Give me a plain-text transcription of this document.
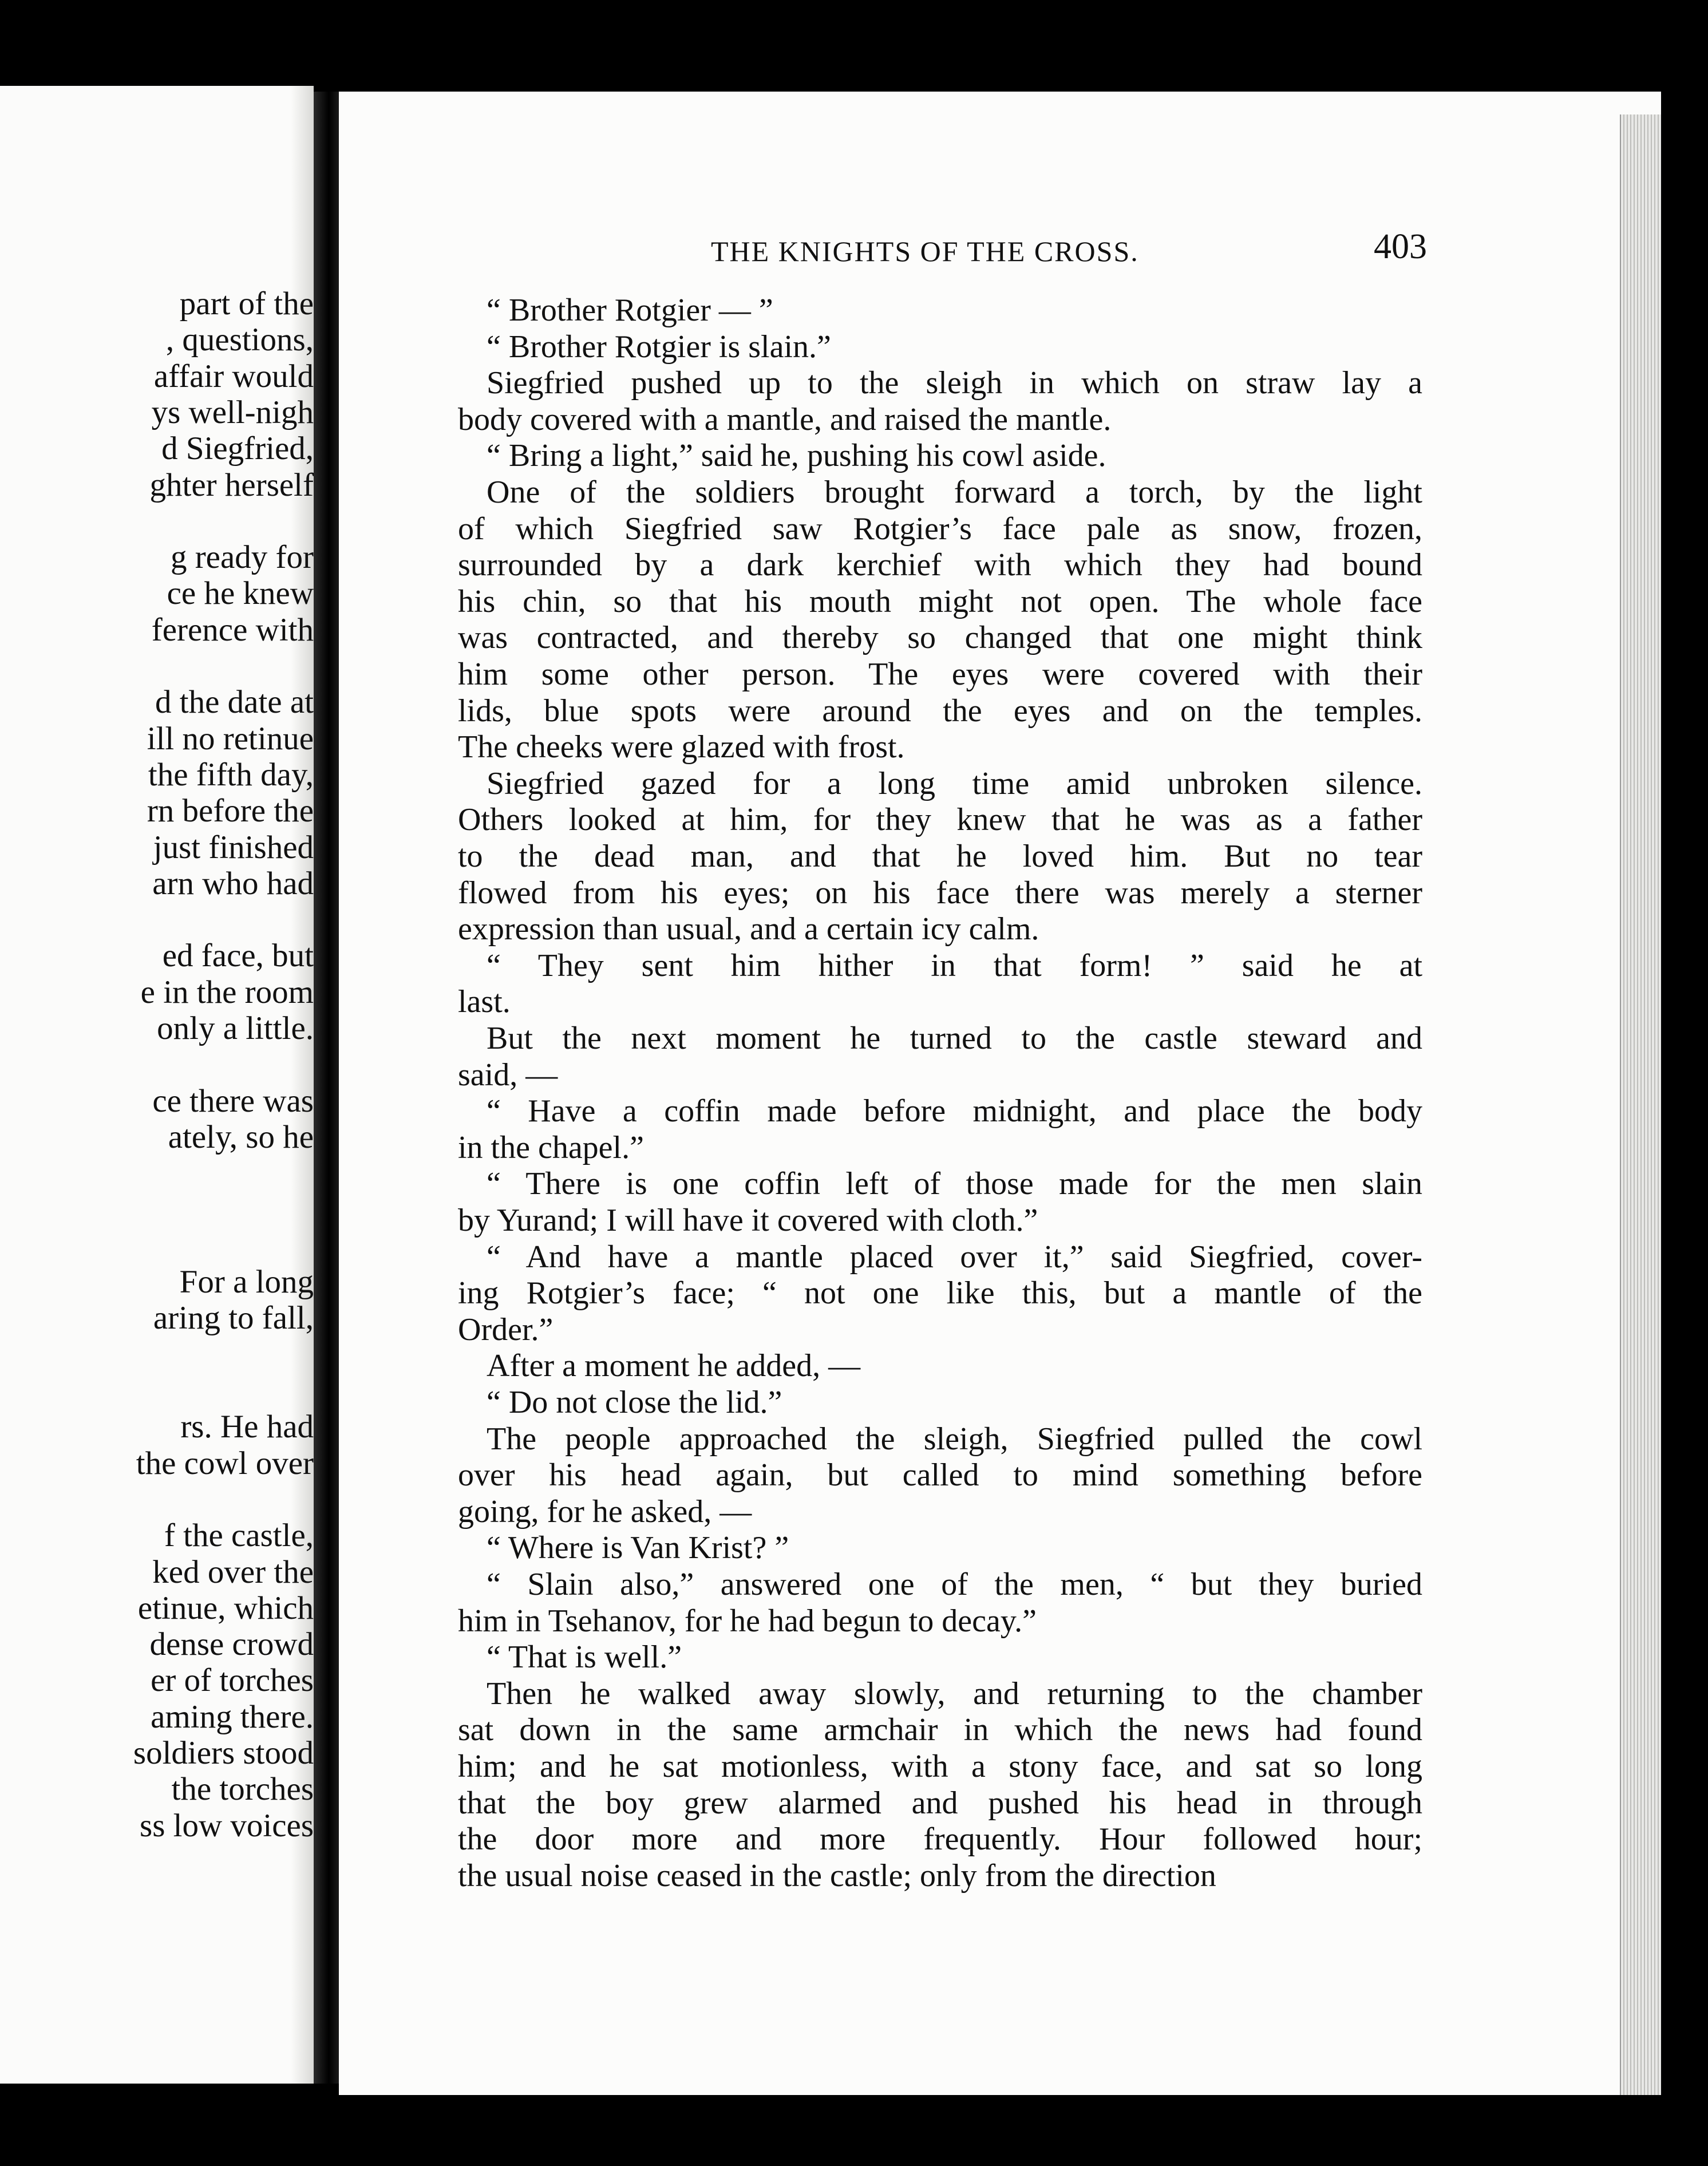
part of the
, questions,
affair would
ys well-nigh
d Siegfried,
ghter herself
g ready for
ce he knew
ference with
d the date at
ill no retinue
the fifth day,
rn before the
just finished
arn who had
ed face, but
e in the room
only a little.
ce there was
ately, so he
For a long
aring to fall,
rs. He had
the cowl over
f the castle,
ked over the
etinue, which
dense crowd
er of torches
aming there.
soldiers stood
the torches
ss low voices
THE KNIGHTS OF THE CROSS.	403
“ Brother Rotgier — ”
“ Brother Rotgier is slain.”
Siegfried pushed up to the sleigh in which on straw lay a
body covered with a mantle, and raised the mantle.
“ Bring a light,” said he, pushing his cowl aside.
One of the soldiers brought forward a torch, by the light
of which Siegfried saw Rotgier’s face pale as snow, frozen,
surrounded by a dark kerchief with which they had bound
his chin, so that his mouth might not open. The whole face
was contracted, and thereby so changed that one might think
him some other person. The eyes were covered with their
lids, blue spots were around the eyes and on the temples.
The cheeks were glazed with frost.
Siegfried gazed for a long time amid unbroken silence.
Others looked at him, for they knew that he was as a father
to the dead man, and that he loved him. But no tear
flowed from his eyes; on his face there was merely a sterner
expression than usual, and a certain icy calm.
“ They sent him hither in that form! ” said he at
last.
But the next moment he turned to the castle steward and
said, —
“ Have a coffin made before midnight, and place the body
in the chapel.”
“ There is one coffin left of those made for the men slain
by Yurand; I will have it covered with cloth.”
“ And have a mantle placed over it,” said Siegfried, cover-
ing Rotgier’s face; “ not one like this, but a mantle of the
Order.”
After a moment he added, —
“ Do not close the lid.”
The people approached the sleigh, Siegfried pulled the cowl
over his head again, but called to mind something before
going, for he asked, —
“ Where is Van Krist? ”
“ Slain also,” answered one of the men, “ but they buried
him in Tsehanov, for he had begun to decay.”
“ That is well.”
Then he walked away slowly, and returning to the chamber
sat down in the same armchair in which the news had found
him; and he sat motionless, with a stony face, and sat so long
that the boy grew alarmed and pushed his head in through
the door more and more frequently. Hour followed hour;
the usual noise ceased in the castle; only from the direction
